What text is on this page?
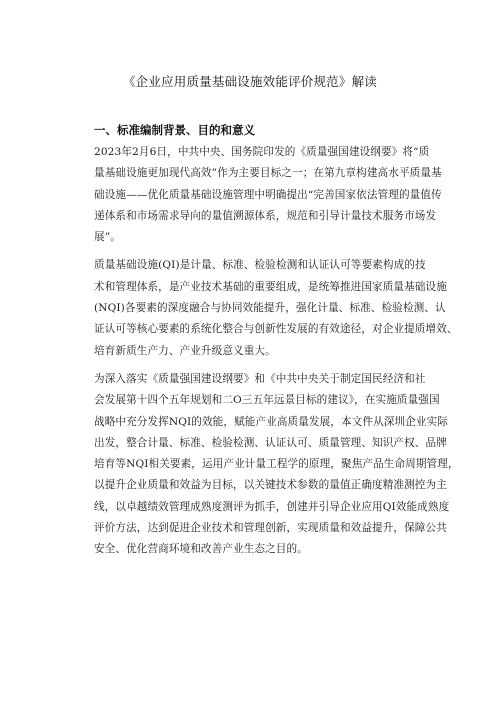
《企业应用质量基础设施效能评价规范》解读
一、标准编制背景、目的和意义

2023年2月6日，中共中央、国务院印发的《质量强国建设纲要》将“质
量基础设施更加现代高效”作为主要目标之一；在第九章构建高水平质量基
础设施——优化质量基础设施管理中明确提出“完善国家依法管理的量值传
递体系和市场需求导向的量值溯源体系，规范和引导计量技术服务市场发
展”。

质量基础设施(QI)是计量、标准、检验检测和认证认可等要素构成的技
术和管理体系，是产业技术基础的重要组成，是统筹推进国家质量基础设施
(NQI)各要素的深度融合与协同效能提升，强化计量、标准、检验检测、认
证认可等核心要素的系统化整合与创新性发展的有效途径，对企业提质增效、
培育新质生产力、产业升级意义重大。

为深入落实《质量强国建设纲要》和《中共中央关于制定国民经济和社
会发展第十四个五年规划和二O三五年远景目标的建议》，在实施质量强国
战略中充分发挥NQI的效能，赋能产业高质量发展，本文件从深圳企业实际
出发，整合计量、标准、检验检测、认证认可、质量管理、知识产权、品牌
培育等NQI相关要素，运用产业计量工程学的原理，聚焦产品生命周期管理，
以提升企业质量和效益为目标，以关键技术参数的量值正确度精准测控为主
线，以卓越绩效管理成熟度测评为抓手，创建并引导企业应用QI效能成熟度
评价方法，达到促进企业技术和管理创新，实现质量和效益提升，保障公共
安全、优化营商环境和改善产业生态之目的。
